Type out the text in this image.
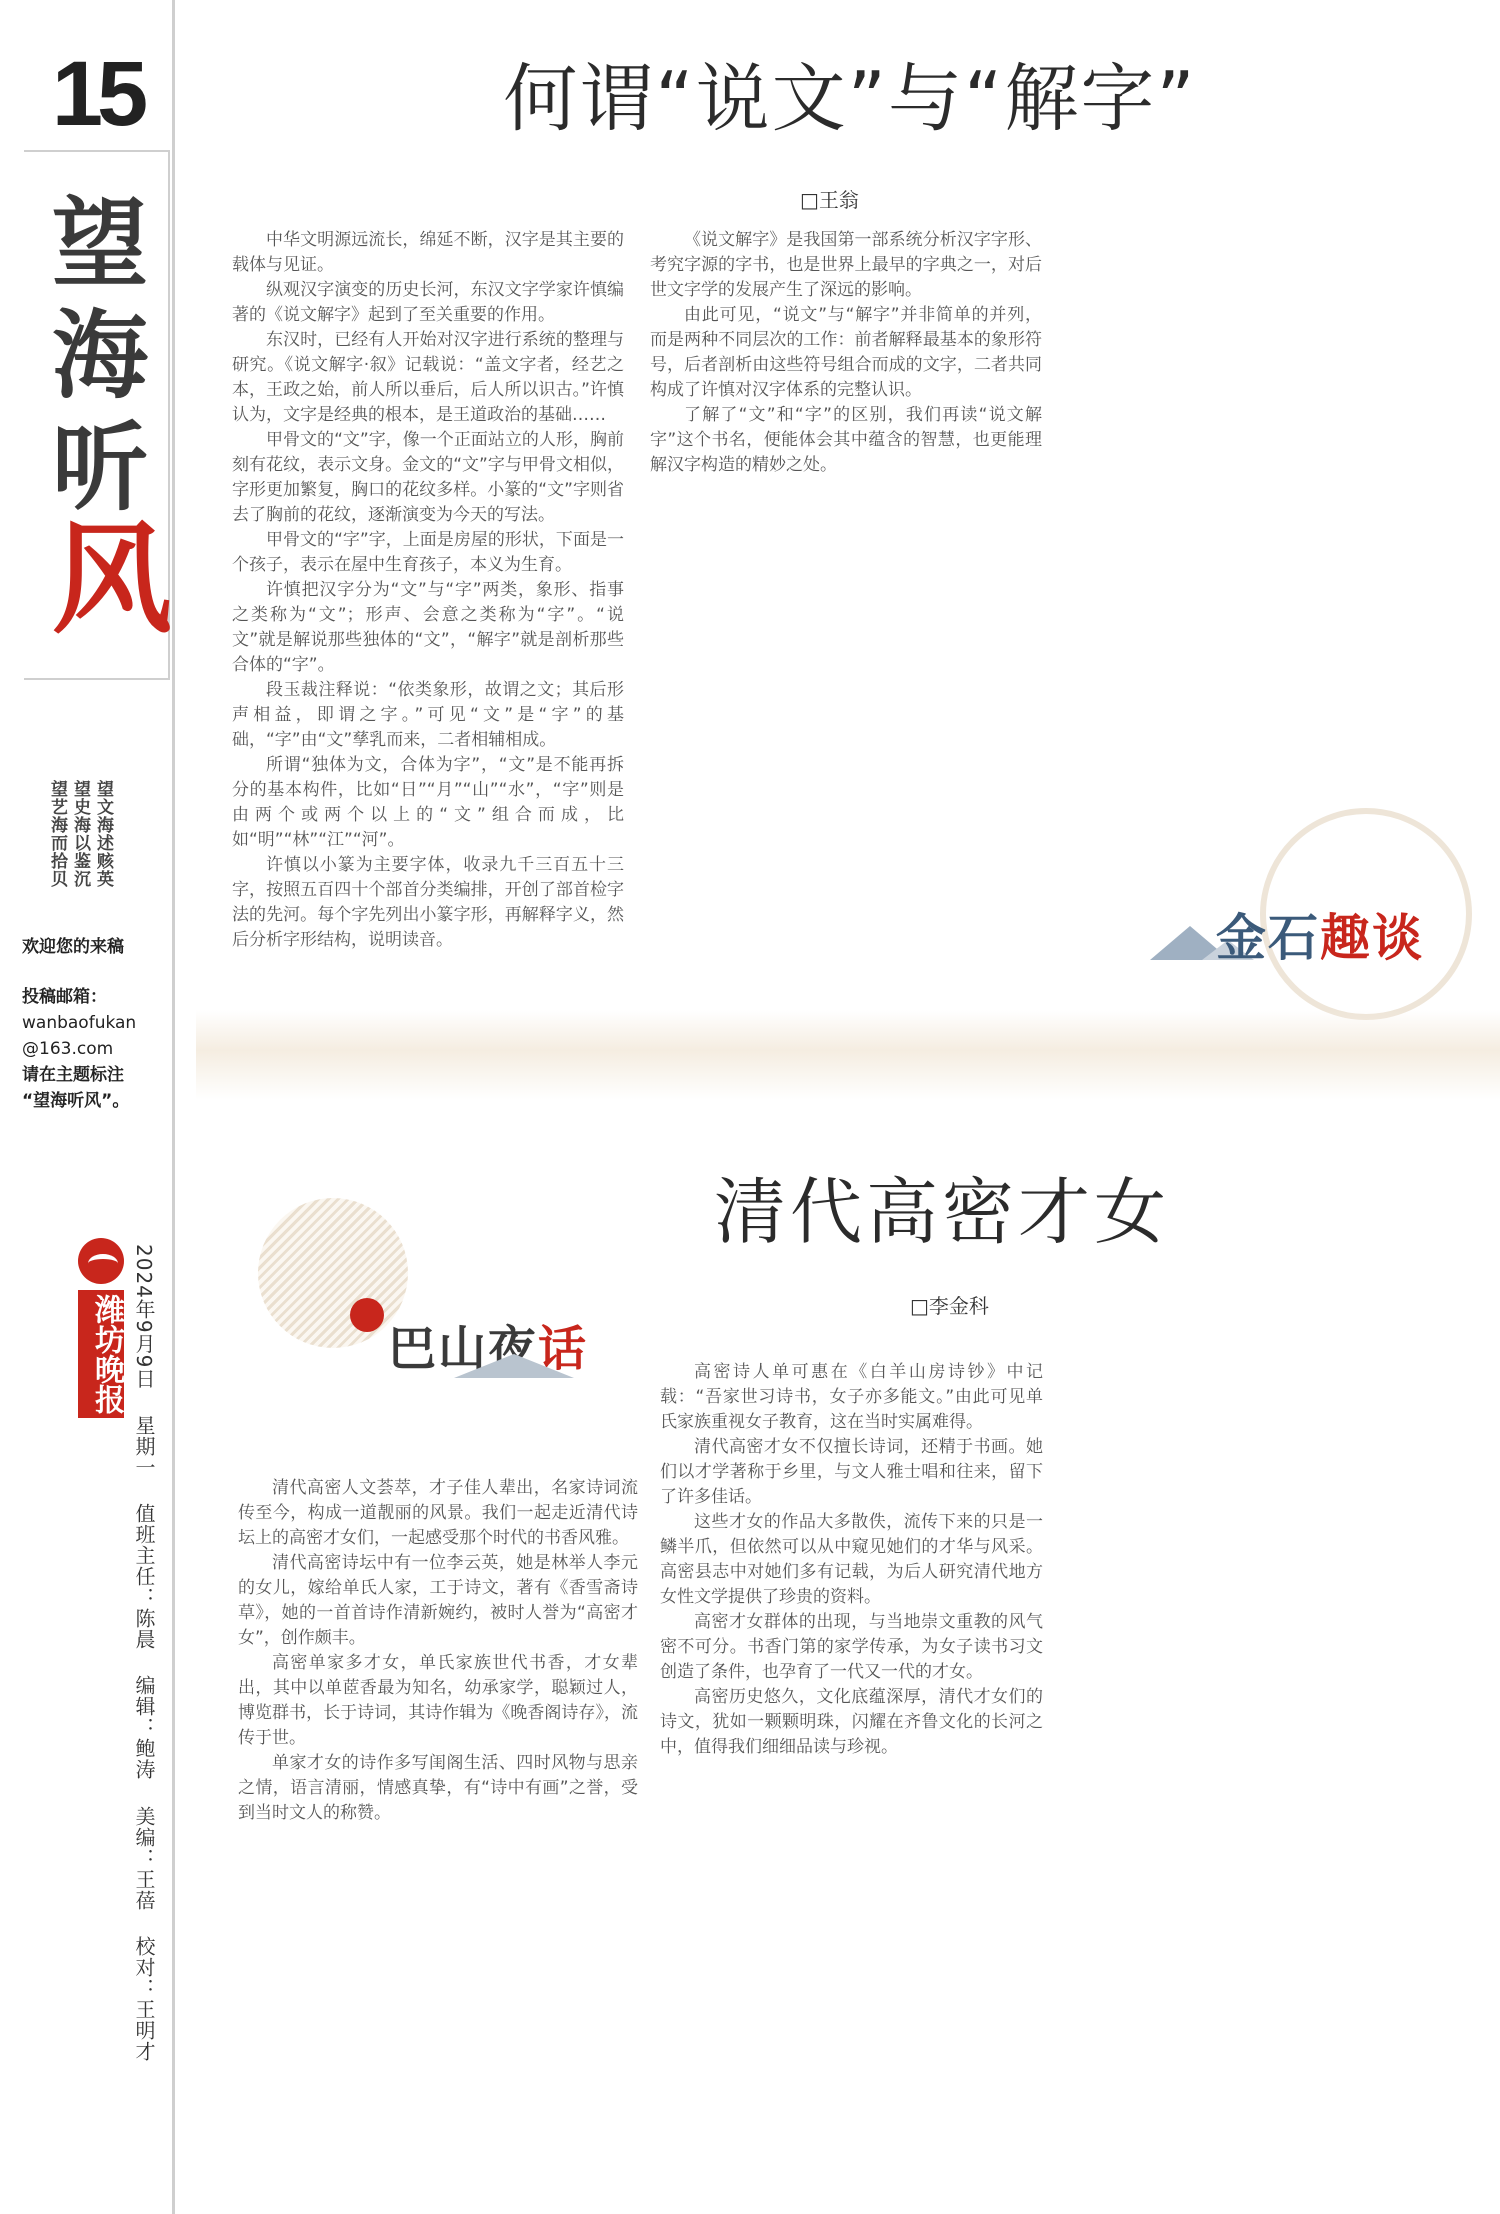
15
望海听风
望文海述赅英
望史海以鉴沉
望艺海而拾贝
欢迎您的来稿
投稿邮箱：
wanbaofukan
@163.com
请在主题标注
“望海听风”。
潍坊晚报 2024年9月9日 星期一 值班主任：陈晨 编辑：鲍涛 美编：王蓓 校对：王明才
何谓“说文”与“解字”
□王翁

中华文明源远流长，绵延不断，汉字是其主要的载体与见证。

纵观汉字演变的历史长河，东汉文字学家许慎编著的《说文解字》起到了至关重要的作用。

东汉时，已经有人开始对汉字进行系统的整理与研究。《说文解字·叙》记载说：“盖文字者，经艺之本，王政之始，前人所以垂后，后人所以识古。”许慎认为，文字是经典的根本，是王道政治的基础……

甲骨文的“文”字，像一个正面站立的人形，胸前刻有花纹，表示文身。金文的“文”字与甲骨文相似，字形更加繁复，胸口的花纹多样。小篆的“文”字则省去了胸前的花纹，逐渐演变为今天的写法。

甲骨文的“字”字，上面是房屋的形状，下面是一个孩子，表示在屋中生育孩子，本义为生育。

许慎把汉字分为“文”与“字”两类，象形、指事之类称为“文”；形声、会意之类称为“字”。“说文”就是解说那些独体的“文”，“解字”就是剖析那些合体的“字”。

段玉裁注释说：“依类象形，故谓之文；其后形声相益，即谓之字。”可见“文”是“字”的基础，“字”由“文”孳乳而来，二者相辅相成。

所谓“独体为文，合体为字”，“文”是不能再拆分的基本构件，比如“日”“月”“山”“水”，“字”则是由两个或两个以上的“文”组合而成，比如“明”“林”“江”“河”。

许慎以小篆为主要字体，收录九千三百五十三字，按照五百四十个部首分类编排，开创了部首检字法的先河。每个字先列出小篆字形，再解释字义，然后分析字形结构，说明读音。

《说文解字》是我国第一部系统分析汉字字形、考究字源的字书，也是世界上最早的字典之一，对后世文字学的发展产生了深远的影响。

由此可见，“说文”与“解字”并非简单的并列，而是两种不同层次的工作：前者解释最基本的象形符号，后者剖析由这些符号组合而成的文字，二者共同构成了许慎对汉字体系的完整认识。

了解了“文”和“字”的区别，我们再读“说文解字”这个书名，便能体会其中蕴含的智慧，也更能理解汉字构造的精妙之处。

金石趣谈
巴山夜话
清代高密才女
□李金科

清代高密人文荟萃，才子佳人辈出，名家诗词流传至今，构成一道靓丽的风景。我们一起走近清代诗坛上的高密才女们，一起感受那个时代的书香风雅。

清代高密诗坛中有一位李云英，她是林举人李元的女儿，嫁给单氏人家，工于诗文，著有《香雪斋诗草》，她的一首首诗作清新婉约，被时人誉为“高密才女”，创作颇丰。

高密单家多才女，单氏家族世代书香，才女辈出，其中以单茝香最为知名，幼承家学，聪颖过人，博览群书，长于诗词，其诗作辑为《晚香阁诗存》，流传于世。

单家才女的诗作多写闺阁生活、四时风物与思亲之情，语言清丽，情感真挚，有“诗中有画”之誉，受到当时文人的称赞。

高密诗人单可惠在《白羊山房诗钞》中记载：“吾家世习诗书，女子亦多能文。”由此可见单氏家族重视女子教育，这在当时实属难得。

清代高密才女不仅擅长诗词，还精于书画。她们以才学著称于乡里，与文人雅士唱和往来，留下了许多佳话。

这些才女的作品大多散佚，流传下来的只是一鳞半爪，但依然可以从中窥见她们的才华与风采。高密县志中对她们多有记载，为后人研究清代地方女性文学提供了珍贵的资料。

高密才女群体的出现，与当地崇文重教的风气密不可分。书香门第的家学传承，为女子读书习文创造了条件，也孕育了一代又一代的才女。

高密历史悠久，文化底蕴深厚，清代才女们的诗文，犹如一颗颗明珠，闪耀在齐鲁文化的长河之中，值得我们细细品读与珍视。
